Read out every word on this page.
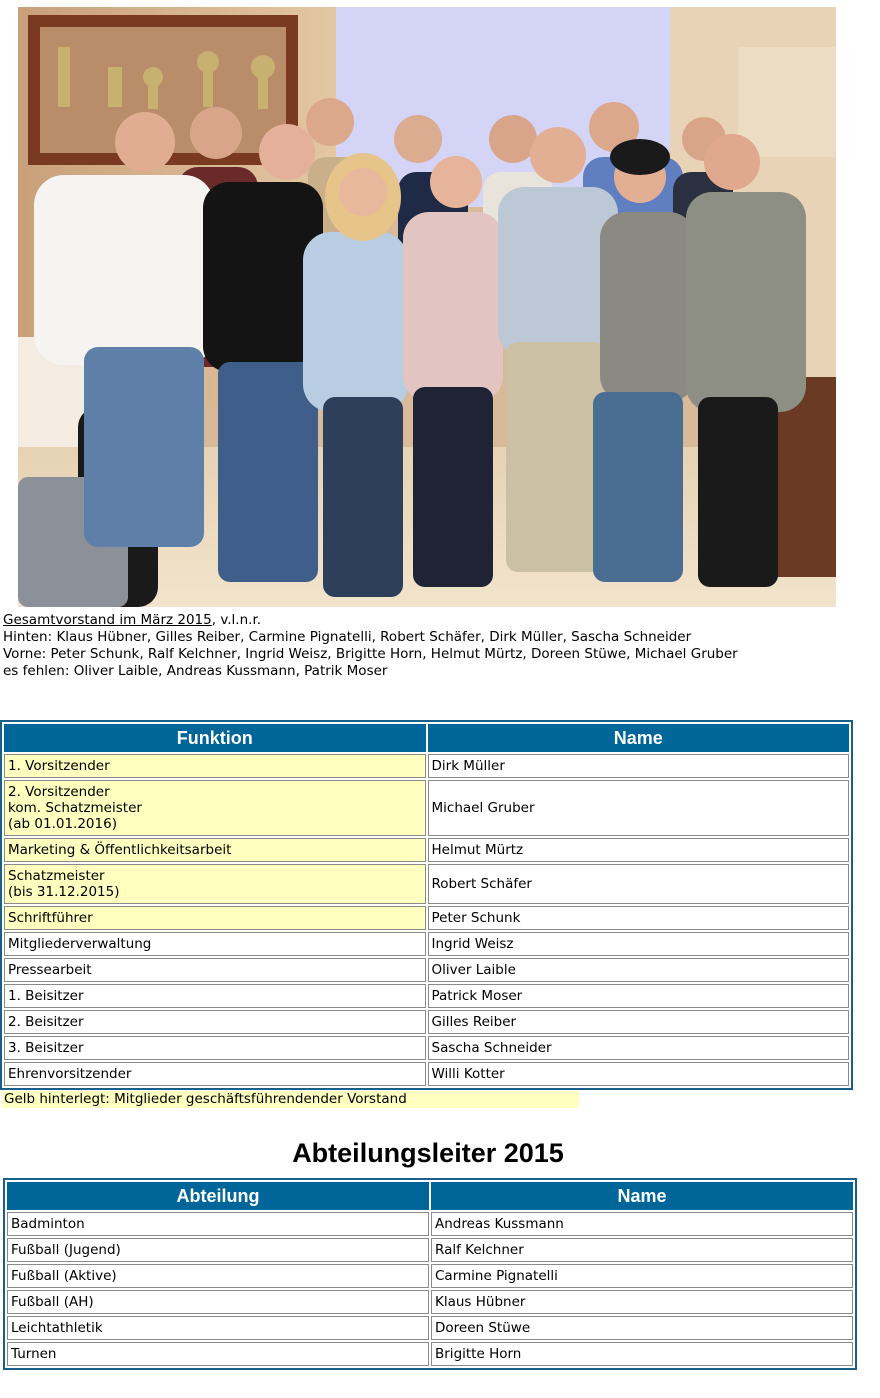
Gesamtvorstand im März 2015, v.l.n.r.
Hinten: Klaus Hübner, Gilles Reiber, Carmine Pignatelli, Robert Schäfer, Dirk Müller, Sascha Schneider
Vorne: Peter Schunk, Ralf Kelchner, Ingrid Weisz, Brigitte Horn, Helmut Mürtz, Doreen Stüwe, Michael Gruber
es fehlen: Oliver Laible, Andreas Kussmann, Patrik Moser
Funktion	Name

1. Vorsitzender	Dirk Müller

2. Vorsitzender
kom. Schatzmeister
(ab 01.01.2016)	Michael Gruber

Marketing & Öffentlichkeitsarbeit	Helmut Mürtz

Schatzmeister
(bis 31.12.2015)	Robert Schäfer

Schriftführer	Peter Schunk

Mitgliederverwaltung	Ingrid Weisz

Pressearbeit	Oliver Laible

1. Beisitzer	Patrick Moser

2. Beisitzer	Gilles Reiber

3. Beisitzer	Sascha Schneider

Ehrenvorsitzender	Willi Kotter
Gelb hinterlegt: Mitglieder geschäftsführendender Vorstand
Abteilungsleiter 2015
Abteilung	Name
Badminton	Andreas Kussmann
Fußball (Jugend)	Ralf Kelchner
Fußball (Aktive)	Carmine Pignatelli
Fußball (AH)	Klaus Hübner
Leichtathletik	Doreen Stüwe
Turnen	Brigitte Horn
